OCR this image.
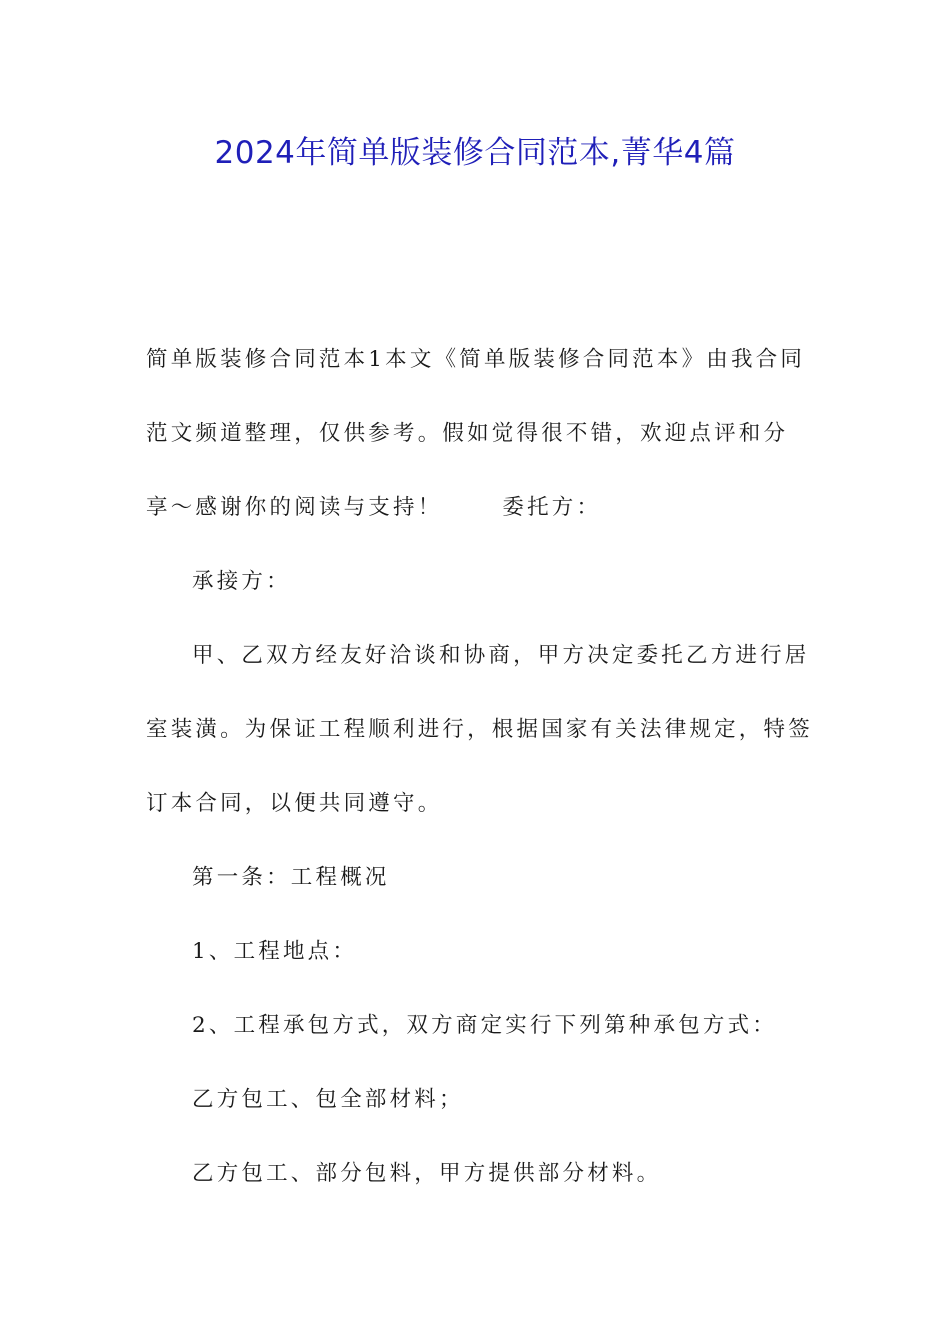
2024年简单版装修合同范本,菁华4篇

简单版装修合同范本1本文《简单版装修合同范本》由我合同

范文频道整理，仅供参考。假如觉得很不错，欢迎点评和分

享～感谢你的阅读与支持！	委托方：

承接方：

甲、乙双方经友好洽谈和协商，甲方决定委托乙方进行居

室装潢。为保证工程顺利进行，根据国家有关法律规定，特签

订本合同，以便共同遵守。

第一条：工程概况

1、工程地点：

2、工程承包方式，双方商定实行下列第种承包方式：

乙方包工、包全部材料；

乙方包工、部分包料，甲方提供部分材料。
